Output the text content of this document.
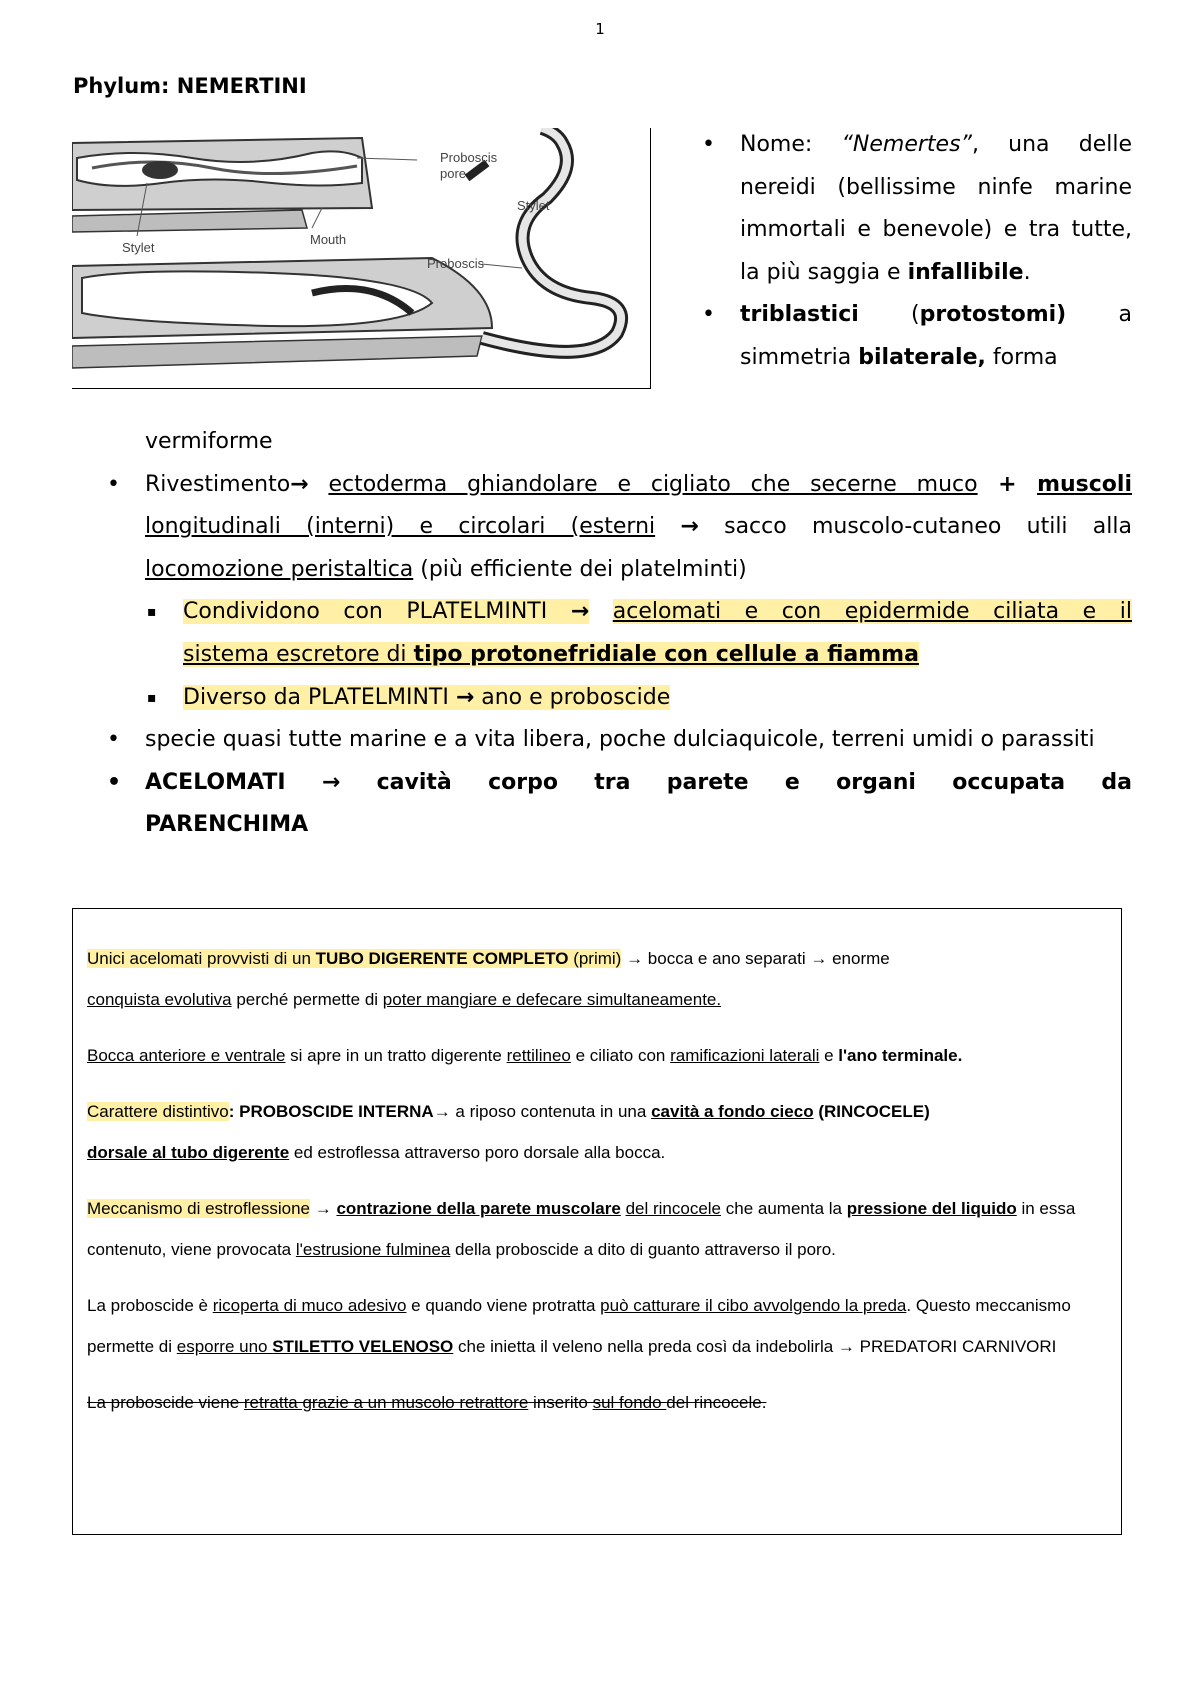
1
Phylum: NEMERTINI
Proboscis
pore
Stylet
Stylet
Mouth
Proboscis
• Nome: “Nemertes”, una delle nereidi (bellissime ninfe marine immortali e benevole) e tra tutte, la più saggia e infallibile.
• triblastici (protostomi) a simmetria bilaterale, forma
vermiforme
• Rivestimento→ ectoderma ghiandolare e cigliato che secerne muco + muscoli
longitudinali (interni) e circolari (esterni → sacco muscolo-cutaneo utili alla
locomozione peristaltica (più efficiente dei platelminti)
▪ Condividono con PLATELMINTI → acelomati e con epidermide ciliata e il
sistema escretore di tipo protonefridiale con cellule a fiamma
▪ Diverso da PLATELMINTI → ano e proboscide
• specie quasi tutte marine e a vita libera, poche dulciaquicole, terreni umidi o parassiti
• ACELOMATI → cavità corpo tra parete e organi occupata da
PARENCHIMA

Unici acelomati provvisti di un TUBO DIGERENTE COMPLETO (primi) → bocca e ano separati → enorme
conquista evolutiva perché permette di poter mangiare e defecare simultaneamente.

Bocca anteriore e ventrale si apre in un tratto digerente rettilineo e ciliato con ramificazioni laterali e l'ano terminale.

Carattere distintivo: PROBOSCIDE INTERNA→ a riposo contenuta in una cavità a fondo cieco (RINCOCELE)
dorsale al tubo digerente ed estroflessa attraverso poro dorsale alla bocca.

Meccanismo di estroflessione → contrazione della parete muscolare del rincocele che aumenta la pressione del liquido in essa contenuto, viene provocata l'estrusione fulminea della proboscide a dito di guanto attraverso il poro.

La proboscide è ricoperta di muco adesivo e quando viene protratta può catturare il cibo avvolgendo la preda. Questo meccanismo permette di esporre uno STILETTO VELENOSO che inietta il veleno nella preda così da indebolirla → PREDATORI CARNIVORI

La proboscide viene retratta grazie a un muscolo retrattore inserito sul fondo del rincocele.
